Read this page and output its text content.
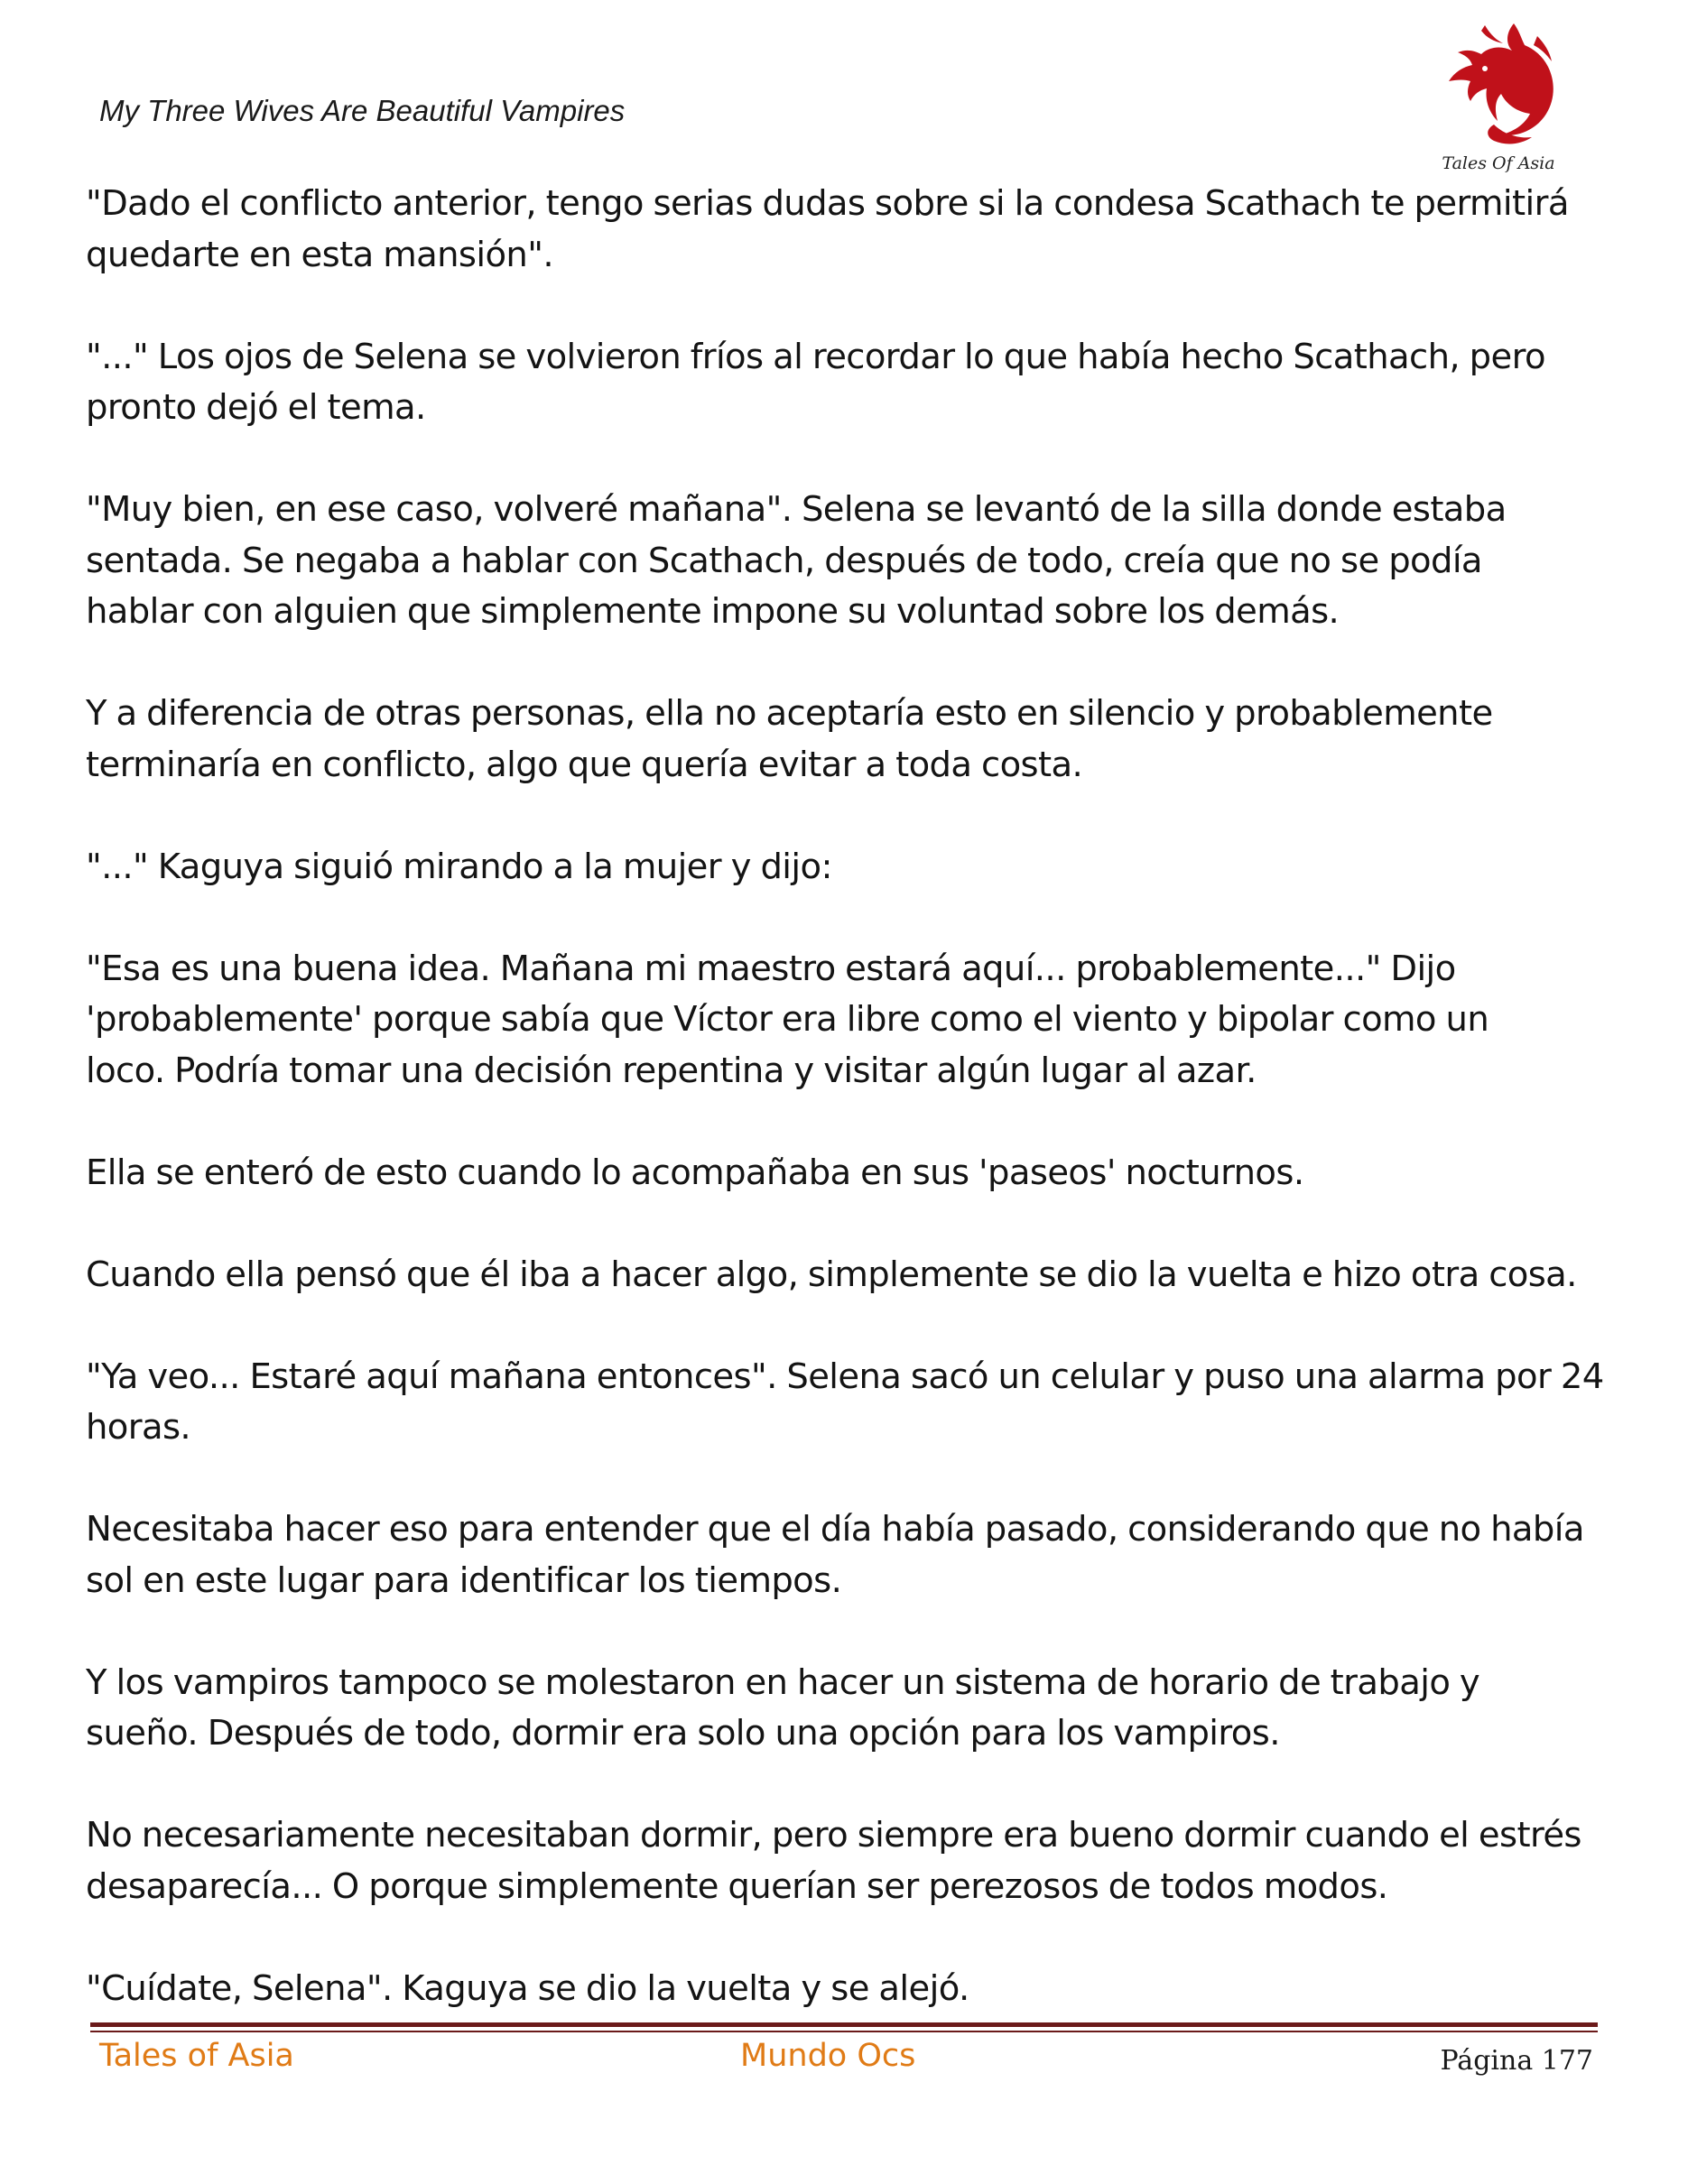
My Three Wives Are Beautiful Vampires
Tales Of Asia

"Dado el conflicto anterior, tengo serias dudas sobre si la condesa Scathach te permitirá
quedarte en esta mansión".

"..." Los ojos de Selena se volvieron fríos al recordar lo que había hecho Scathach, pero
pronto dejó el tema.

"Muy bien, en ese caso, volveré mañana". Selena se levantó de la silla donde estaba
sentada. Se negaba a hablar con Scathach, después de todo, creía que no se podía
hablar con alguien que simplemente impone su voluntad sobre los demás.

Y a diferencia de otras personas, ella no aceptaría esto en silencio y probablemente
terminaría en conflicto, algo que quería evitar a toda costa.

"..." Kaguya siguió mirando a la mujer y dijo:

"Esa es una buena idea. Mañana mi maestro estará aquí... probablemente..." Dijo
'probablemente' porque sabía que Víctor era libre como el viento y bipolar como un
loco. Podría tomar una decisión repentina y visitar algún lugar al azar.

Ella se enteró de esto cuando lo acompañaba en sus 'paseos' nocturnos.

Cuando ella pensó que él iba a hacer algo, simplemente se dio la vuelta e hizo otra cosa.

"Ya veo... Estaré aquí mañana entonces". Selena sacó un celular y puso una alarma por 24
horas.

Necesitaba hacer eso para entender que el día había pasado, considerando que no había
sol en este lugar para identificar los tiempos.

Y los vampiros tampoco se molestaron en hacer un sistema de horario de trabajo y
sueño. Después de todo, dormir era solo una opción para los vampiros.

No necesariamente necesitaban dormir, pero siempre era bueno dormir cuando el estrés
desaparecía... O porque simplemente querían ser perezosos de todos modos.

"Cuídate, Selena". Kaguya se dio la vuelta y se alejó.

Tales of Asia	Mundo Ocs	Página 177
